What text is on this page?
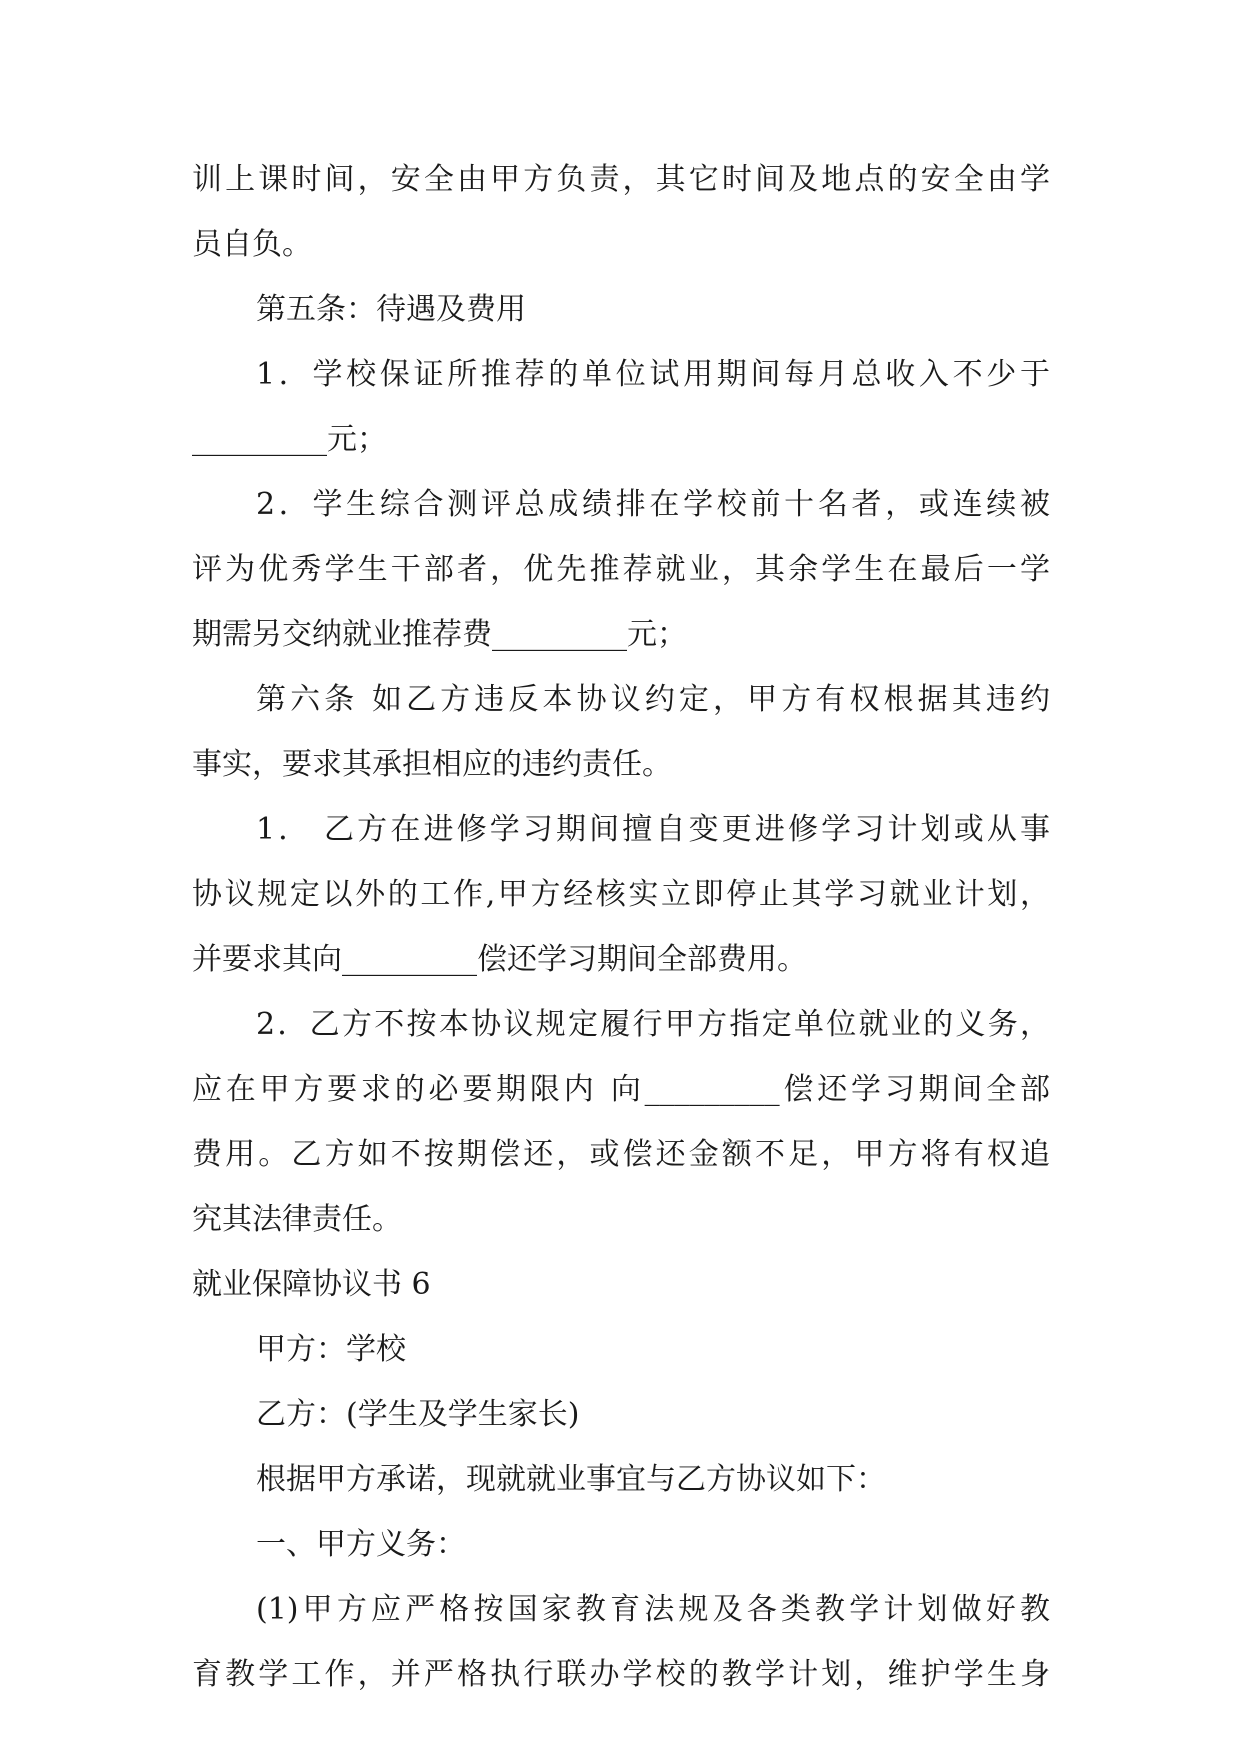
训上课时间，安全由甲方负责，其它时间及地点的安全由学
员自负。
第五条：待遇及费用
1．学校保证所推荐的单位试用期间每月总收入不少于
_________元；
2．学生综合测评总成绩排在学校前十名者，或连续被
评为优秀学生干部者，优先推荐就业，其余学生在最后一学
期需另交纳就业推荐费_________元；
第六条 如乙方违反本协议约定，甲方有权根据其违约
事实，要求其承担相应的违约责任。
1． 乙方在进修学习期间擅自变更进修学习计划或从事
协议规定以外的工作,甲方经核实立即停止其学习就业计划，
并要求其向_________偿还学习期间全部费用。
2．乙方不按本协议规定履行甲方指定单位就业的义务，
应在甲方要求的必要期限内 向_________偿还学习期间全部
费用。乙方如不按期偿还，或偿还金额不足，甲方将有权追
究其法律责任。
就业保障协议书 6
甲方：学校
乙方：(学生及学生家长)
根据甲方承诺，现就就业事宜与乙方协议如下：
一、甲方义务：
(1)甲方应严格按国家教育法规及各类教学计划做好教
育教学工作，并严格执行联办学校的教学计划，维护学生身
